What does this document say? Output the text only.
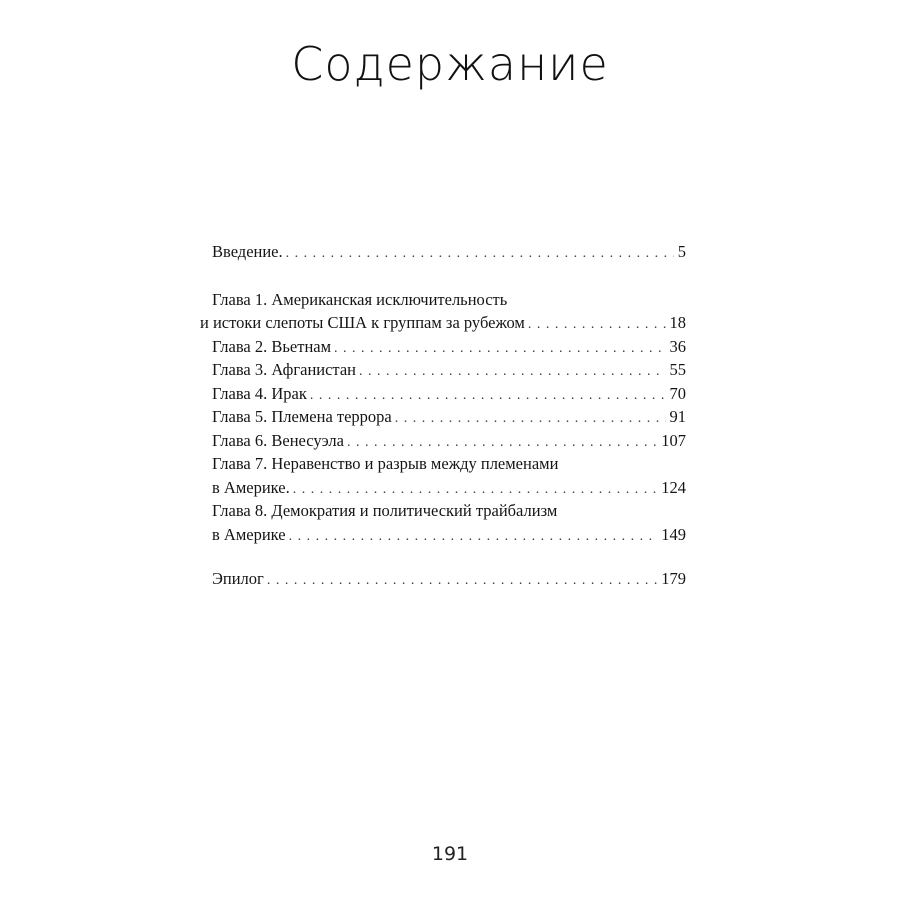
Содержание
Введение. . . .	5
Глава 1. Американская исключительность
и истоки слепоты США к группам за рубежом . . .	18
Глава 2. Вьетнам . . .	36
Глава 3. Афганистан . . .	55
Глава 4. Ирак . . .	70
Глава 5. Племена террора . . .	91
Глава 6. Венесуэла . . .	107
Глава 7. Неравенство и разрыв между племенами
в Америке. . . .	124
Глава 8. Демократия и политический трайбализм
в Америке . . .	149
Эпилог . . .	179
191
